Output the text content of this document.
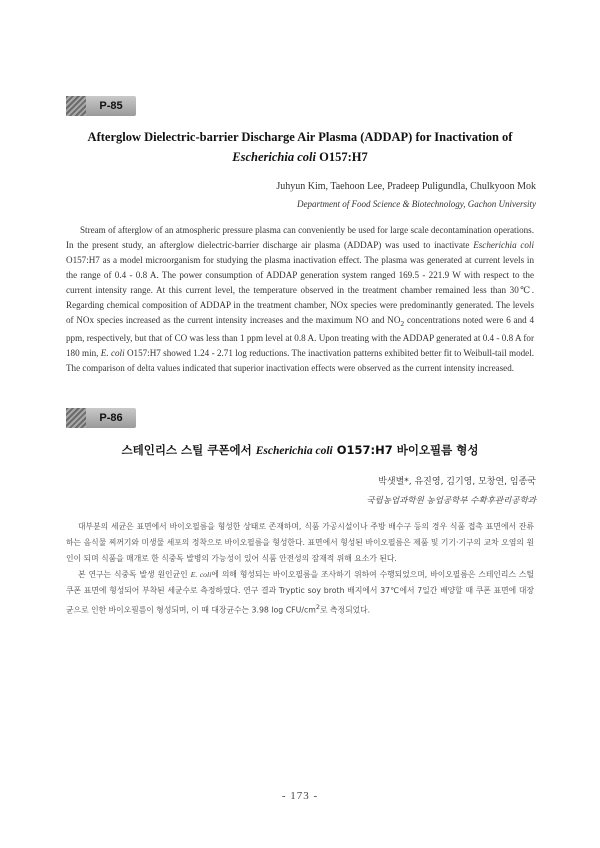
P-85
Afterglow Dielectric-barrier Discharge Air Plasma (ADDAP) for Inactivation of
Escherichia coli O157:H7
Juhyun Kim, Taehoon Lee, Pradeep Puligundla, Chulkyoon Mok
Department of Food Science & Biotechnology, Gachon University

Stream of afterglow of an atmospheric pressure plasma can conveniently be used for large scale decontamination operations. In the present study, an afterglow dielectric-barrier discharge air plasma (ADDAP) was used to inactivate Escherichia coli O157:H7 as a model microorganism for studying the plasma inactivation effect. The plasma was generated at current levels in the range of 0.4 - 0.8 A. The power consumption of ADDAP generation system ranged 169.5 - 221.9 W with respect to the current intensity range. At this current level, the temperature observed in the treatment chamber remained less than 30℃. Regarding chemical composition of ADDAP in the treatment chamber, NOx species were predominantly generated. The levels of NOx species increased as the current intensity increases and the maximum NO and $NO_2$ concentrations noted were 6 and 4 ppm, respectively, but that of CO was less than 1 ppm level at 0.8 A. Upon treating with the ADDAP generated at 0.4 - 0.8 A for 180 min, E. coli O157:H7 showed 1.24 - 2.71 log reductions. The inactivation patterns exhibited better fit to Weibull-tail model. The comparison of delta values indicated that superior inactivation effects were observed as the current intensity increased.

P-86
스테인리스 스틸 쿠폰에서 Escherichia coli O157:H7 바이오필름 형성
박샛별*, 유진영, 김기영, 모창연, 임종국
국립농업과학원 농업공학부 수확후관리공학과

대부분의 세균은 표면에서 바이오필름을 형성한 상태로 존재하며, 식품 가공시설이나 주방 배수구 등의 경우 식품 접촉 표면에서 잔류하는 음식물 찌꺼기와 미생물 세포의 정착으로 바이오필름을 형성한다. 표면에서 형성된 바이오필름은 제품 및 기기·기구의 교차 오염의 원인이 되며 식품을 매개로 한 식중독 발병의 가능성이 있어 식품 안전성의 잠재적 위해 요소가 된다.

본 연구는 식중독 발생 원인균인 E. coli에 의해 형성되는 바이오필름을 조사하기 위하여 수행되었으며, 바이오필름은 스테인리스 스틸 쿠폰 표면에 형성되어 부착된 세균수로 측정하였다. 연구 결과 Tryptic soy broth 배지에서 37℃에서 7일간 배양할 때 쿠폰 표면에 대장균으로 인한 바이오필름이 형성되며, 이 때 대장균수는 3.98 log CFU/$cm^2$로 측정되었다.

- 173 -
